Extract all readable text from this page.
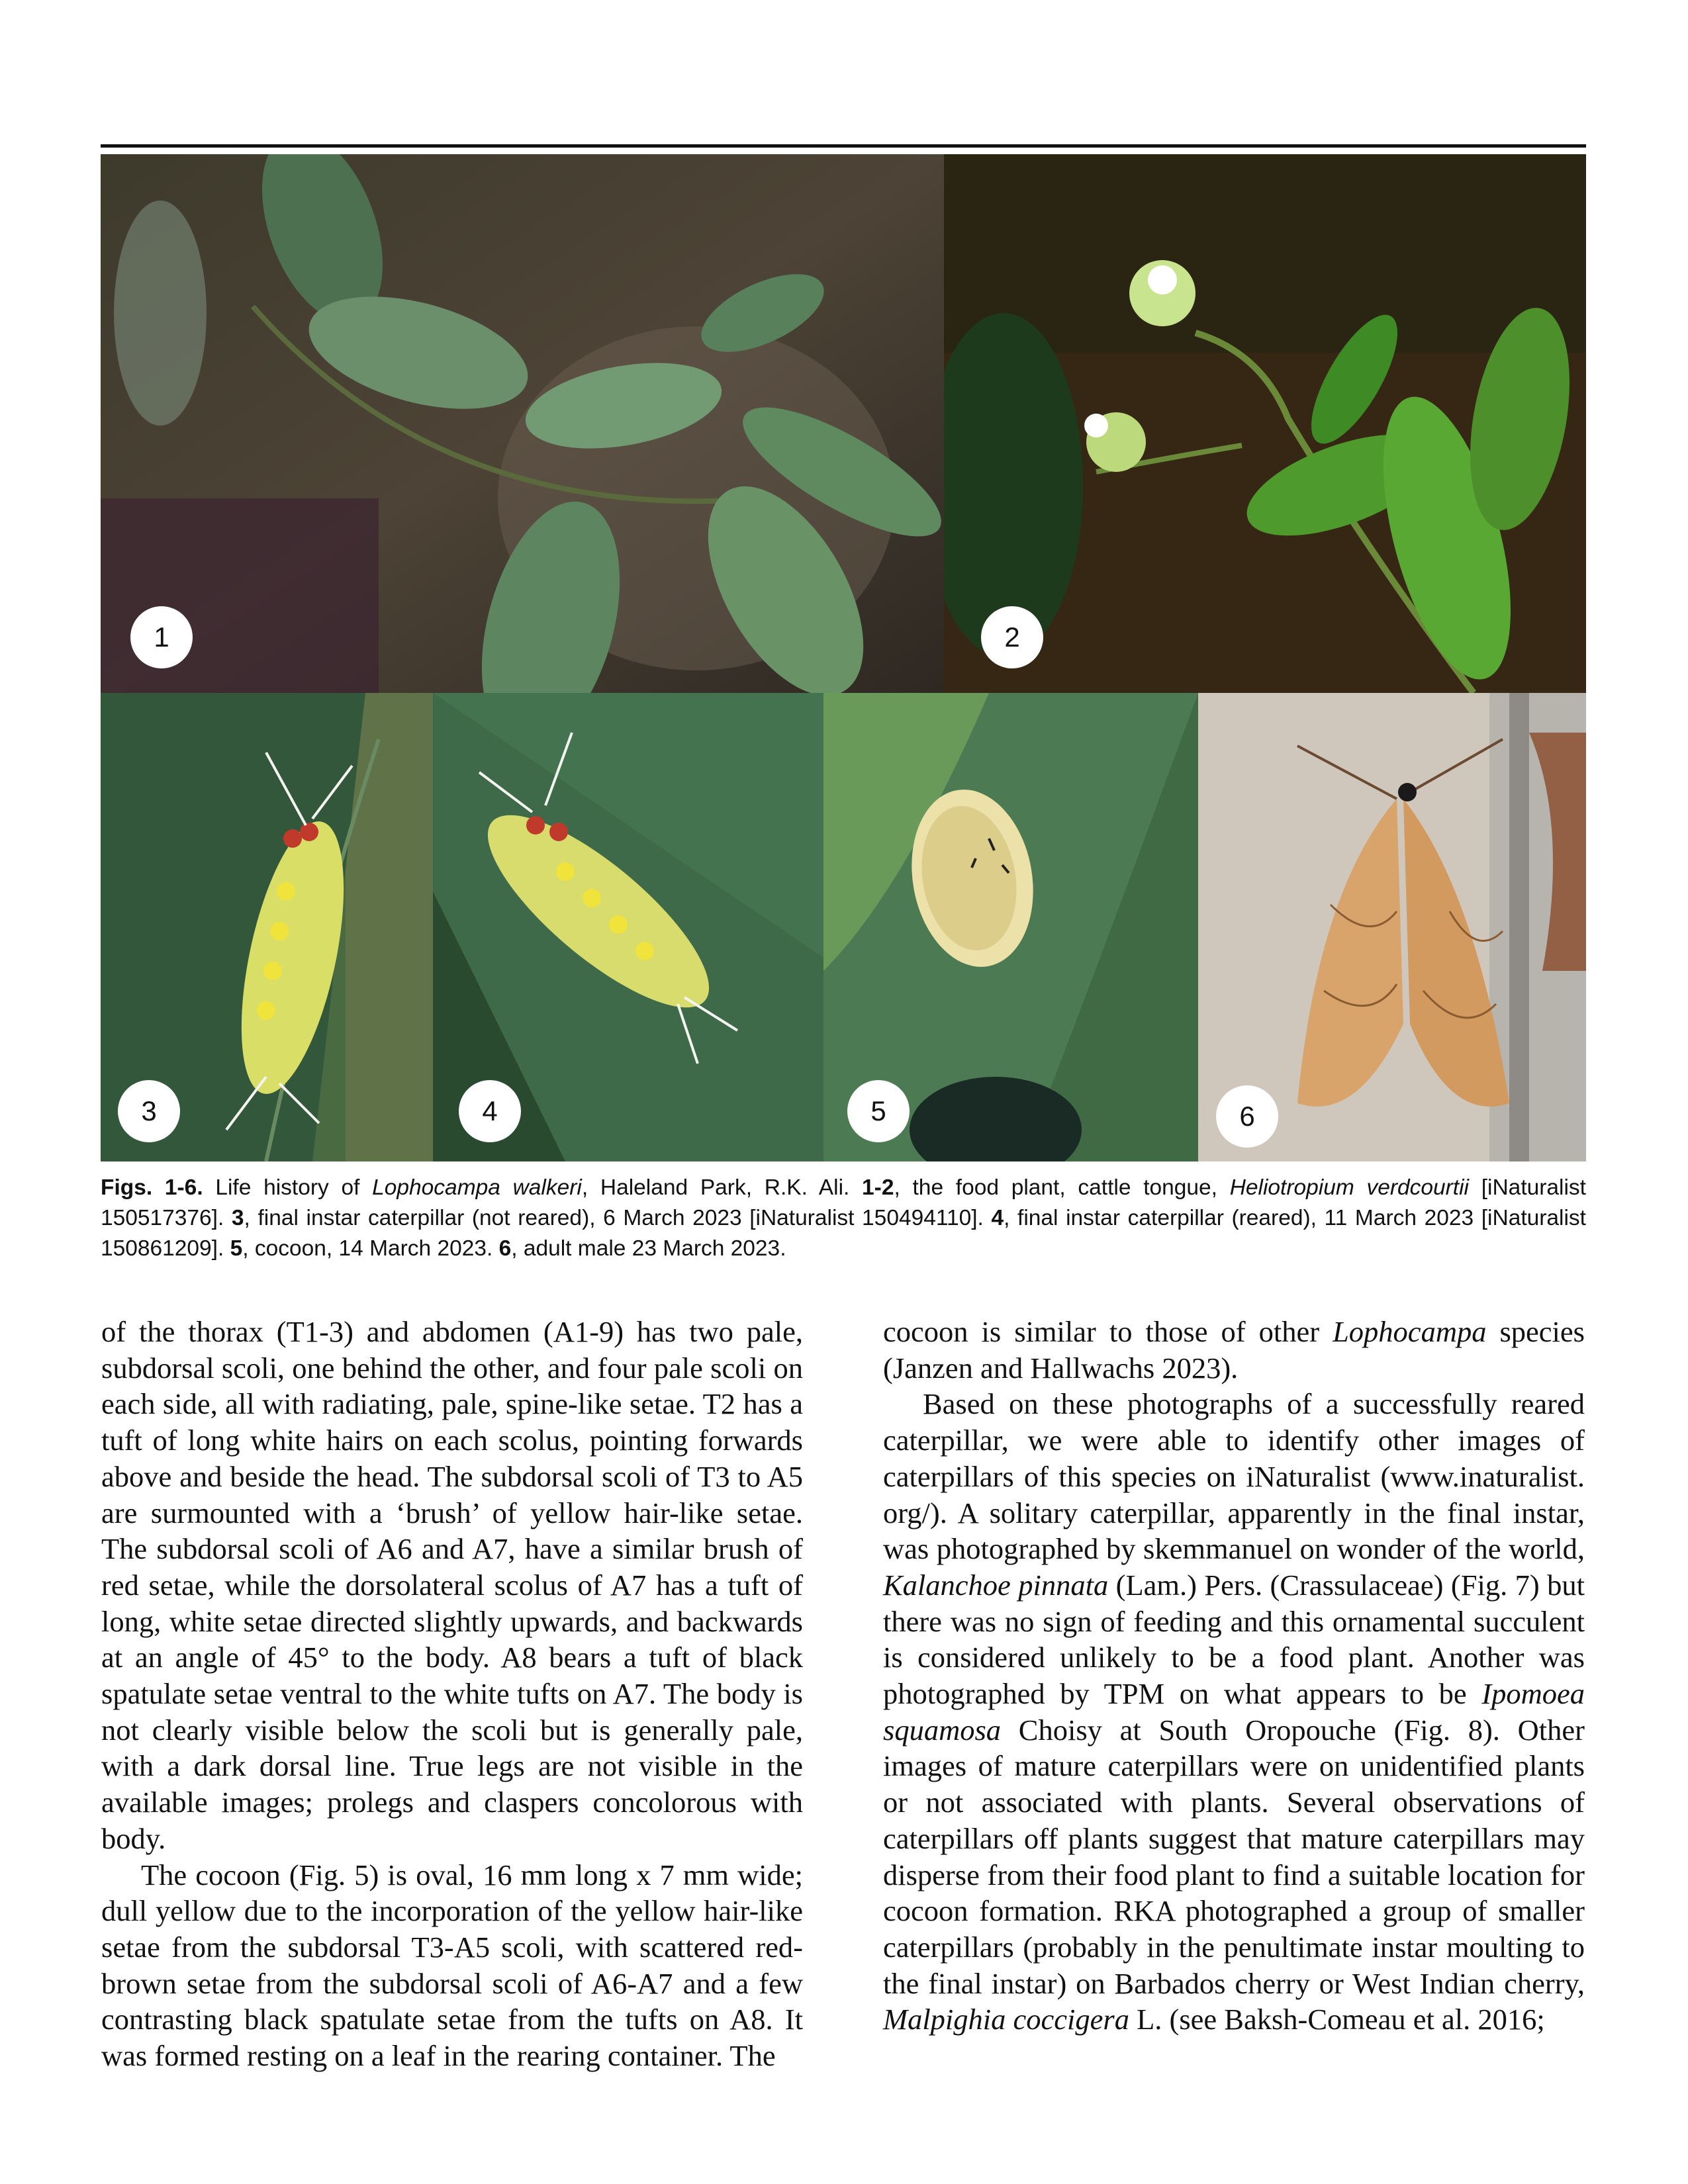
1	2
3	4	5	6
Figs. 1-6. Life history of Lophocampa walkeri, Haleland Park, R.K. Ali. 1-2, the food plant, cattle tongue, Heliotropium verdcourtii [iNaturalist 150517376]. 3, final instar caterpillar (not reared), 6 March 2023 [iNaturalist 150494110]. 4, final instar caterpillar (reared), 11 March 2023 [iNaturalist 150861209]. 5, cocoon, 14 March 2023. 6, adult male 23 March 2023.

of the thorax (T1-3) and abdomen (A1-9) has two pale, subdorsal scoli, one behind the other, and four pale scoli on each side, all with radiating, pale, spine-like setae. T2 has a tuft of long white hairs on each scolus, pointing forwards above and beside the head. The subdorsal scoli of T3 to A5 are surmounted with a ‘brush’ of yellow hair-like setae. The subdorsal scoli of A6 and A7, have a similar brush of red setae, while the dorsolateral scolus of A7 has a tuft of long, white setae directed slightly upwards, and backwards at an angle of 45° to the body. A8 bears a tuft of black spatulate setae ventral to the white tufts on A7. The body is not clearly visible below the scoli but is generally pale, with a dark dorsal line. True legs are not visible in the available images; prolegs and claspers concolorous with body.

The cocoon (Fig. 5) is oval, 16 mm long x 7 mm wide; dull yellow due to the incorporation of the yellow hair-like setae from the subdorsal T3-A5 scoli, with scattered red-brown setae from the subdorsal scoli of A6-A7 and a few contrasting black spatulate setae from the tufts on A8. It was formed resting on a leaf in the rearing container. The

cocoon is similar to those of other Lophocampa species (Janzen and Hallwachs 2023).

Based on these photographs of a successfully reared caterpillar, we were able to identify other images of caterpillars of this species on iNaturalist (www.inaturalist. org/). A solitary caterpillar, apparently in the final instar, was photographed by skemmanuel on wonder of the world, Kalanchoe pinnata (Lam.) Pers. (Crassulaceae) (Fig. 7) but there was no sign of feeding and this ornamental succulent is considered unlikely to be a food plant. Another was photographed by TPM on what appears to be Ipomoea squamosa Choisy at South Oropouche (Fig. 8). Other images of mature caterpillars were on unidentified plants or not associated with plants. Several observations of caterpillars off plants suggest that mature caterpillars may disperse from their food plant to find a suitable location for cocoon formation. RKA photographed a group of smaller caterpillars (probably in the penultimate instar moulting to the final instar) on Barbados cherry or West Indian cherry, Malpighia coccigera L. (see Baksh-Comeau et al. 2016;
